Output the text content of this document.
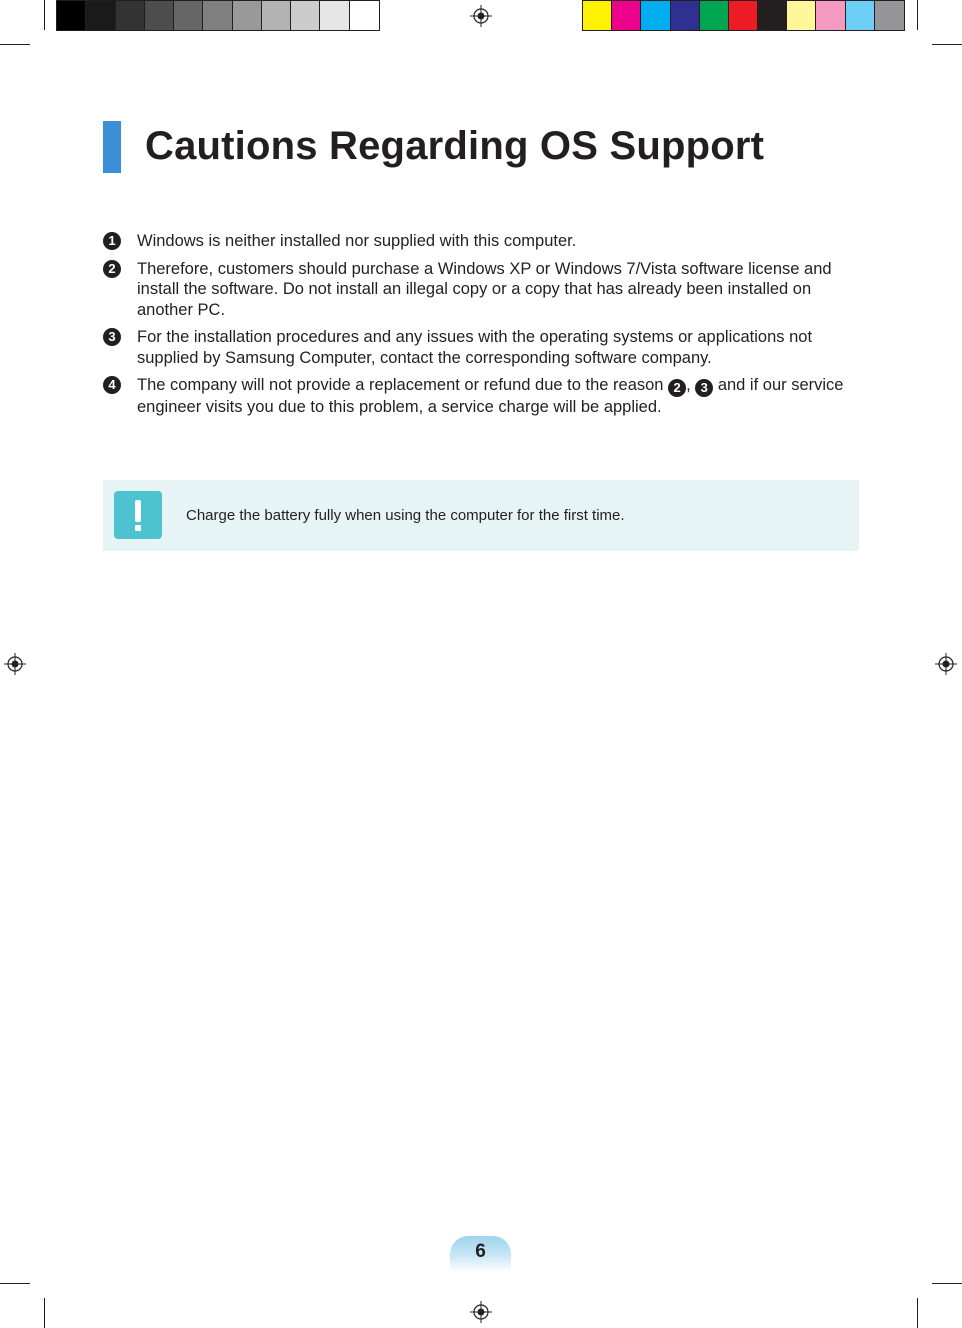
Cautions Regarding OS Support
1	Windows is neither installed nor supplied with this computer.
2	Therefore, customers should purchase a Windows XP or Windows 7/Vista software license and install the software. Do not install an illegal copy or a copy that has already been installed on another PC.
3	For the installation procedures and any issues with the operating systems or applications not supplied by Samsung Computer, contact the corresponding software company.
4	The company will not provide a replacement or refund due to the reason 2 , 3 and if our service engineer visits you due to this problem, a service charge will be applied.
Charge the battery fully when using the computer for the first time.
6
